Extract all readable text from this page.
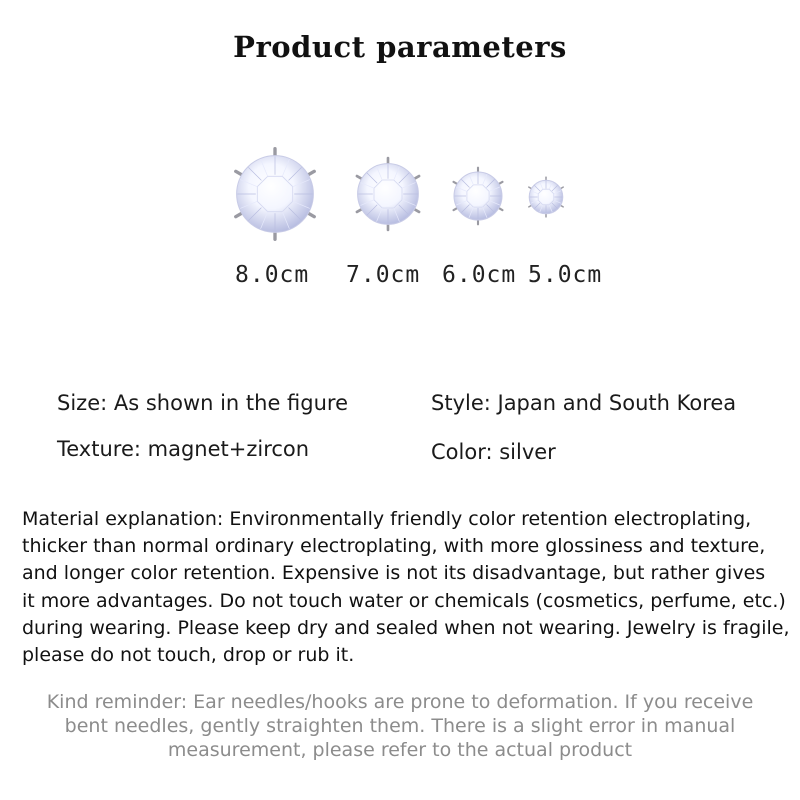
Product parameters
8.0cm 7.0cm 6.0cm 5.0cm
Size: As shown in the figure	Style: Japan and South Korea
Texture: magnet+zircon	Color: silver
Material explanation: Environmentally friendly color retention electroplating,
thicker than normal ordinary electroplating, with more glossiness and texture,
and longer color retention. Expensive is not its disadvantage, but rather gives
it more advantages. Do not touch water or chemicals (cosmetics, perfume, etc.)
during wearing. Please keep dry and sealed when not wearing. Jewelry is fragile,
please do not touch, drop or rub it.
Kind reminder: Ear needles/hooks are prone to deformation. If you receive
bent needles, gently straighten them. There is a slight error in manual
measurement, please refer to the actual product
